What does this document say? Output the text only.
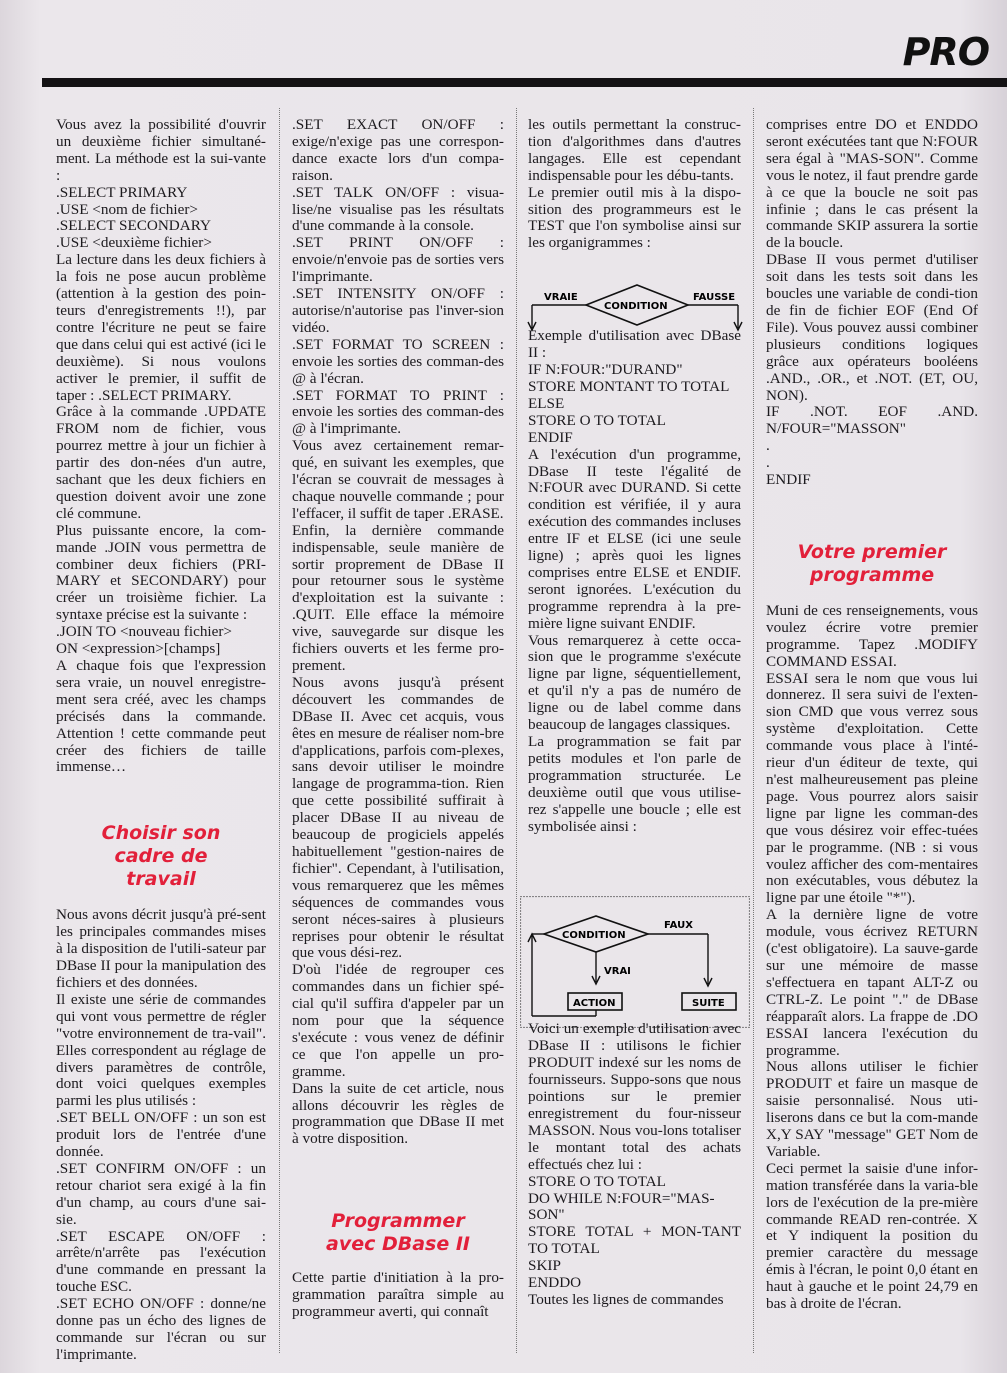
PRO

Vous avez la possibilité d'ouvrir un deuxième fichier simultané-ment. La méthode est la sui-vante :

.SELECT PRIMARY

.USE <nom de fichier>

.SELECT SECONDARY

.USE <deuxième fichier>

La lecture dans les deux fichiers à la fois ne pose aucun problème (attention à la gestion des poin-teurs d'enregistrements !!), par contre l'écriture ne peut se faire que dans celui qui est activé (ici le deuxième). Si nous voulons activer le premier, il suffit de taper : .SELECT PRIMARY.

Grâce à la commande .UPDATE FROM nom de fichier, vous pourrez mettre à jour un fichier à partir des don-nées d'un autre, sachant que les deux fichiers en question doivent avoir une zone clé commune.

Plus puissante encore, la com-mande .JOIN vous permettra de combiner deux fichiers (PRI-MARY et SECONDARY) pour créer un troisième fichier. La syntaxe précise est la suivante :

.JOIN TO <nouveau fichier>

ON <expression>[champs]

A chaque fois que l'expression sera vraie, un nouvel enregistre-ment sera créé, avec les champs précisés dans la commande. Attention ! cette commande peut créer des fichiers de taille immense…

Choisir son cadre de travail

Nous avons décrit jusqu'à pré-sent les principales commandes mises à la disposition de l'utili-sateur par DBase II pour la manipulation des fichiers et des données.

Il existe une série de commandes qui vont vous permettre de régler "votre environnement de tra-vail". Elles correspondent au réglage de divers paramètres de contrôle, dont voici quelques exemples parmi les plus utilisés :

.SET BELL ON/OFF : un son est produit lors de l'entrée d'une donnée.

.SET CONFIRM ON/OFF : un retour chariot sera exigé à la fin d'un champ, au cours d'une sai-sie.

.SET ESCAPE ON/OFF : arrête/n'arrête pas l'exécution d'une commande en pressant la touche ESC.

.SET ECHO ON/OFF : donne/ne donne pas un écho des lignes de commande sur l'écran ou sur l'imprimante.

.SET EXACT ON/OFF : exige/n'exige pas une correspon-dance exacte lors d'un compa-raison.

.SET TALK ON/OFF : visua-lise/ne visualise pas les résultats d'une commande à la console.

.SET PRINT ON/OFF : envoie/n'envoie pas de sorties vers l'imprimante.

.SET INTENSITY ON/OFF : autorise/n'autorise pas l'inver-sion vidéo.

.SET FORMAT TO SCREEN : envoie les sorties des comman-des @ à l'écran.

.SET FORMAT TO PRINT : envoie les sorties des comman-des @ à l'imprimante.

Vous avez certainement remar-qué, en suivant les exemples, que l'écran se couvrait de messages à chaque nouvelle commande ; pour l'effacer, il suffit de taper .ERASE.

Enfin, la dernière commande indispensable, seule manière de sortir proprement de DBase II pour retourner sous le système d'exploitation est la suivante : .QUIT. Elle efface la mémoire vive, sauvegarde sur disque les fichiers ouverts et les ferme pro-prement.

Nous avons jusqu'à présent découvert les commandes de DBase II. Avec cet acquis, vous êtes en mesure de réaliser nom-bre d'applications, parfois com-plexes, sans devoir utiliser le moindre langage de programma-tion. Rien que cette possibilité suffirait à placer DBase II au niveau de beaucoup de progiciels appelés habituellement "gestion-naires de fichier". Cependant, à l'utilisation, vous remarquerez que les mêmes séquences de commandes vous seront néces-saires à plusieurs reprises pour obtenir le résultat que vous dési-rez.

D'où l'idée de regrouper ces commandes dans un fichier spé-cial qu'il suffira d'appeler par un nom pour que la séquence s'exécute : vous venez de définir ce que l'on appelle un pro-gramme.

Dans la suite de cet article, nous allons découvrir les règles de programmation que DBase II met à votre disposition.

Programmer avec DBase II

Cette partie d'initiation à la pro-grammation paraîtra simple au programmeur averti, qui connaît

les outils permettant la construc-tion d'algorithmes dans d'autres langages. Elle est cependant indispensable pour les débu-tants.

Le premier outil mis à la dispo-sition des programmeurs est le TEST que l'on symbolise ainsi sur les organigrammes :

Exemple d'utilisation avec DBase II :

IF N:FOUR:"DURAND"

STORE MONTANT TO TOTAL

ELSE

STORE O TO TOTAL

ENDIF

A l'exécution d'un programme, DBase II teste l'égalité de N:FOUR avec DURAND. Si cette condition est vérifiée, il y aura exécution des commandes incluses entre IF et ELSE (ici une seule ligne) ; après quoi les lignes comprises entre ELSE et ENDIF. seront ignorées. L'exécution du programme reprendra à la pre-mière ligne suivant ENDIF.

Vous remarquerez à cette occa-sion que le programme s'exécute ligne par ligne, séquentiellement, et qu'il n'y a pas de numéro de ligne ou de label comme dans beaucoup de langages classiques.

La programmation se fait par petits modules et l'on parle de programmation structurée. Le deuxième outil que vous utilise-rez s'appelle une boucle ; elle est symbolisée ainsi :

Voici un exemple d'utilisation avec DBase II : utilisons le fichier PRODUIT indexé sur les noms de fournisseurs. Suppo-sons que nous pointions sur le premier enregistrement du four-nisseur MASSON. Nous vou-lons totaliser le montant total des achats effectués chez lui :

STORE O TO TOTAL

DO WHILE N:FOUR="MAS-SON"

STORE TOTAL + MON-TANT TO TOTAL

SKIP

ENDDO

Toutes les lignes de commandes

VRAIE
CONDITION
FAUSSE
CONDITION
FAUX
VRAI
ACTION	SUITE

comprises entre DO et ENDDO seront exécutées tant que N:FOUR sera égal à "MAS-SON". Comme vous le notez, il faut prendre garde à ce que la boucle ne soit pas infinie ; dans le cas présent la commande SKIP assurera la sortie de la boucle.

DBase II vous permet d'utiliser soit dans les tests soit dans les boucles une variable de condi-tion de fin de fichier EOF (End Of File). Vous pouvez aussi combiner plusieurs conditions logiques grâce aux opérateurs booléens .AND., .OR., et .NOT. (ET, OU, NON).

IF .NOT. EOF .AND. N/FOUR="MASSON"

.

.

ENDIF

Votre premier programme

Muni de ces renseignements, vous voulez écrire votre premier programme. Tapez .MODIFY COMMAND ESSAI.

ESSAI sera le nom que vous lui donnerez. Il sera suivi de l'exten-sion CMD que vous verrez sous système d'exploitation. Cette commande vous place à l'inté-rieur d'un éditeur de texte, qui n'est malheureusement pas pleine page. Vous pourrez alors saisir ligne par ligne les comman-des que vous désirez voir effec-tuées par le programme. (NB : si vous voulez afficher des com-mentaires non exécutables, vous débutez la ligne par une étoile "*").

A la dernière ligne de votre module, vous écrivez RETURN (c'est obligatoire). La sauve-garde sur une mémoire de masse s'effectuera en tapant ALT-Z ou CTRL-Z. Le point "." de DBase réapparaît alors. La frappe de .DO ESSAI lancera l'exécution du programme.

Nous allons utiliser le fichier PRODUIT et faire un masque de saisie personnalisé. Nous uti-liserons dans ce but la com-mande X,Y SAY "message" GET Nom de Variable.

Ceci permet la saisie d'une infor-mation transférée dans la varia-ble lors de l'exécution de la pre-mière commande READ ren-contrée. X et Y indiquent la position du premier caractère du message émis à l'écran, le point 0,0 étant en haut à gauche et le point 24,79 en bas à droite de l'écran.
